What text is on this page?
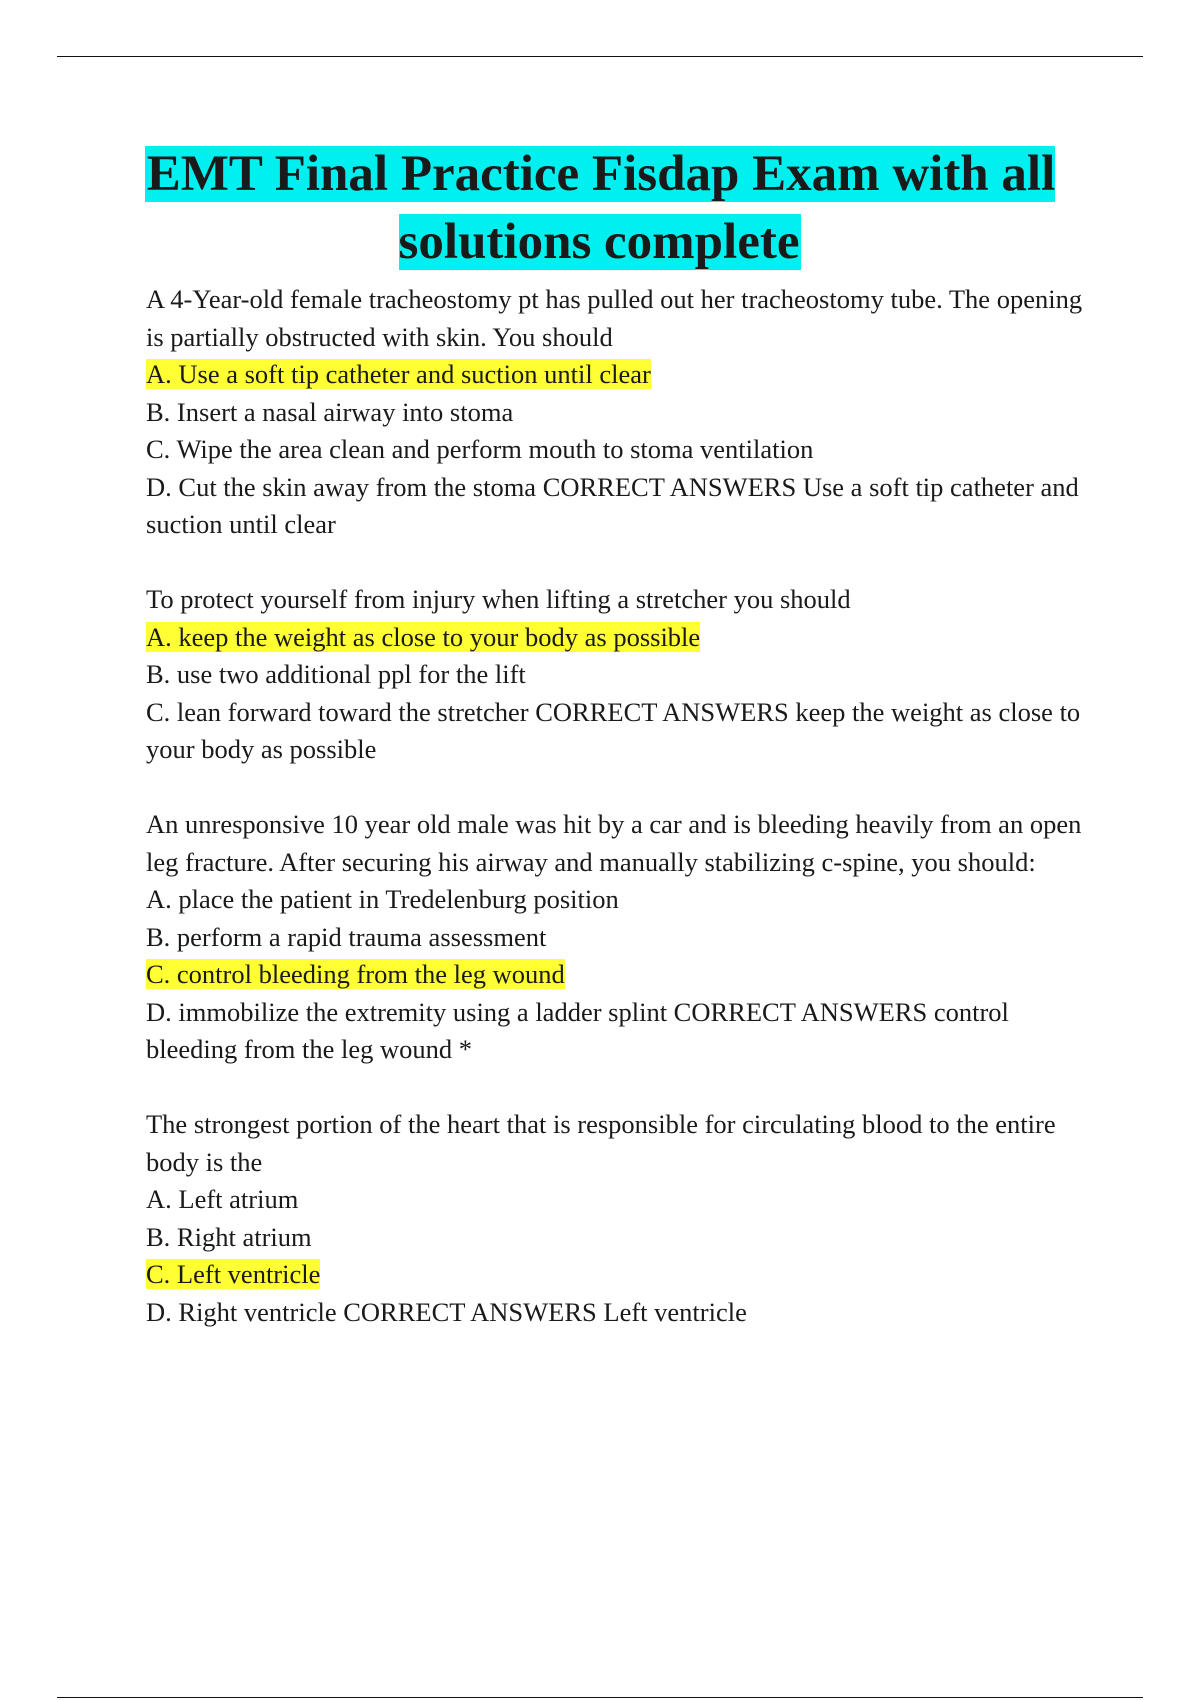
EMT Final Practice Fisdap Exam with all solutions complete

A 4-Year-old female tracheostomy pt has pulled out her tracheostomy tube. The opening is partially obstructed with skin. You should

A. Use a soft tip catheter and suction until clear

B. Insert a nasal airway into stoma

C. Wipe the area clean and perform mouth to stoma ventilation

D. Cut the skin away from the stoma CORRECT ANSWERS Use a soft tip catheter and suction until clear

To protect yourself from injury when lifting a stretcher you should

A. keep the weight as close to your body as possible

B. use two additional ppl for the lift

C. lean forward toward the stretcher CORRECT ANSWERS keep the weight as close to your body as possible

An unresponsive 10 year old male was hit by a car and is bleeding heavily from an open leg fracture. After securing his airway and manually stabilizing c-spine, you should:

A. place the patient in Tredelenburg position

B. perform a rapid trauma assessment

C. control bleeding from the leg wound

D. immobilize the extremity using a ladder splint CORRECT ANSWERS control bleeding from the leg wound *

The strongest portion of the heart that is responsible for circulating blood to the entire body is the

A. Left atrium

B. Right atrium

C. Left ventricle

D. Right ventricle CORRECT ANSWERS Left ventricle
